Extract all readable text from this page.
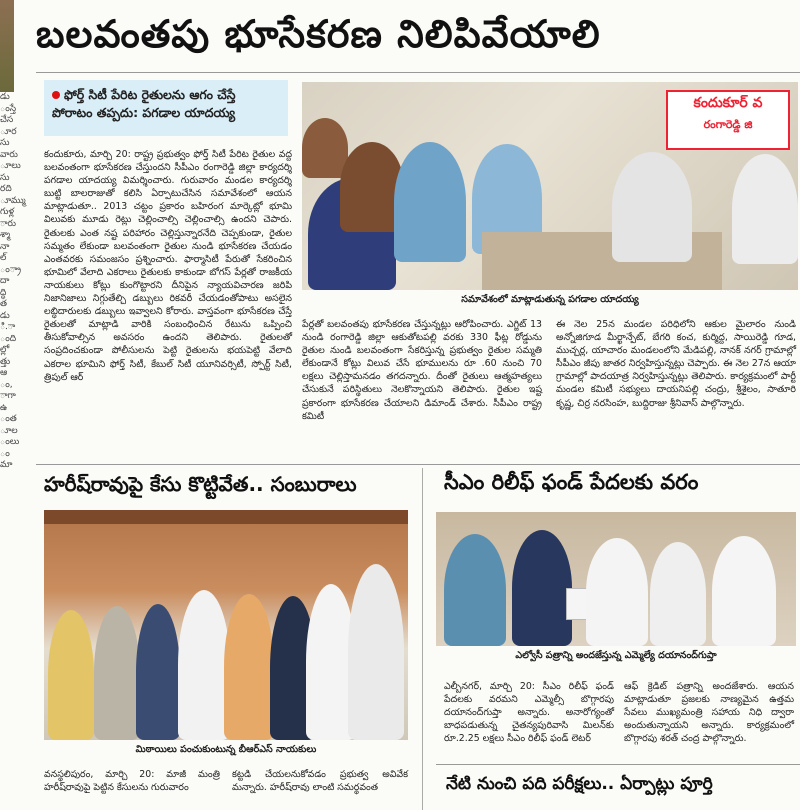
డు ంస్తే చేస ూర సు వారు ూలు సు రది ూమ్ము గుళ్ల ారు శ్మా నా ల్ ం్రా దా ద్ధి త డు ి.ా ంది ల్లో త్తు ఆ ం, ాగా ఉ ంత ూల ంలు ం మా
బలవంతపు భూసేకరణ నిలిపివేయాలి
ఫోర్త్ సిటీ పేరిట రైతులను ఆగం చేస్తే
పోరాటం తప్పదు: పగడాల యాదయ్య
కందుకూరు, మార్చి 20: రాష్ట్ర ప్రభుత్వం ఫోర్త్ సిటీ పేరిట రైతుల వద్ద బలవంతంగా భూసేకరణ చేస్తుందని సీపీఎం రంగారెడ్డి జిల్లా కార్యదర్శి పగడాల యాదయ్య విమర్శించారు. గురువారం మండల కార్యదర్శి బుట్టి బాలరాజుతో కలిసి ఏర్పాటుచేసిన సమావేశంలో ఆయన మాట్లాడుతూ.. 2013 చట్టం ప్రకారం బహిరంగ మార్కెట్లో భూమి విలువకు మూడు రెట్లు చెల్లించాల్సి చెల్లించాల్సి ఉందని చెపారు. రైతులకు ఎంత నష్ట పరిహారం చెల్లిస్తున్నారనేది చెప్పకుండా, రైతుల సమ్మతం లేకుండా బలవంతంగా రైతుల నుండి భూసేకరణ చేయడం ఎంతవరకు సమంజసం ప్రశ్నించారు. ఫార్మాసిటీ పేరుతో సేకరించిన భూమిలో వేలాది ఎకరాలు రైతులకు కాకుండా బోగస్ పేర్లతో రాజకీయ నాయకులు కోట్లు కుంగొట్టారని దీనిపైన న్యాయవిచారణ జరిపి నిజానిజాలు నిగ్గుతేల్చి డబ్బులు రికవరీ చేయడంతోపాటు అసలైన లబ్ధిదారులకు డబ్బులు ఇవ్వాలని కోరారు. వాస్తవంగా భూసేకరణ చేస్తే రైతులతో మాట్లాడి వారికి సంబంధించిన రేటును ఒప్పించి తీసుకోవాల్సిన అవసరం ఉందని తెలిపారు. రైతులతో సంప్రదించకుండా పోలీసులను పెట్టి రైతులను భయపెట్టి వేలాది ఎకరాల భూమిని ఫోర్త్ సిటీ, కేబుల్ సిటీ యూనివర్సిటీ, స్పోర్ట్ సిటీ, త్రిపుల్ ఆర్
కందుకూర్ వ
రంగారెడ్డి జి
సమావేశంలో మాట్లాడుతున్న పగడాల యాదయ్య
పేర్లతో బలవంతపు భూసేకరణ చేస్తున్నట్లు ఆరోపించారు. ఎగ్జిట్ 13 నుండి రంగారెడ్డి జిల్లా ఆకుతోటపల్లి వరకు 330 ఫీట్ల రోడ్డును రైతుల నుండి బలవంతంగా సేకరిస్తున్న ప్రభుత్వం రైతుల సమ్మతి లేకుండానే కోట్లు విలువ చేసే భూములను రూ .60 నుంచి 70 లక్షలు చెల్లిస్తామనడం తగదన్నారు. దీంతో రైతులు ఆత్మహత్యలు చేసుకునే పరిస్థితులు నెలకొన్నాయని తెలిపారు. రైతుల ఇష్ట ప్రకారంగా భూసేకరణ చేయాలని డిమాండ్ చేశారు. సీపీఎం రాష్ట్ర కమిటీ
ఈ నెల 25న మండల పరిధిలోని ఆకుల మైలారం నుండి అన్నోజిగూడ మీర్ఖాన్పేట్, బేగరి కంచ, కుర్మిద్ద, సాయిరెడ్డి గూడ, ముచ్చర్ల, యాచారం మండలంలోని మేడిపల్లి, నానక్ నగర్ గ్రామాల్లో సీపీఎం జీపు జాతర నిర్వహిస్తున్నట్లు చెప్పారు. ఈ నెల 27న ఆయా గ్రామాల్లో పాదయాత్ర నిర్వహిస్తున్నట్లు తెలిపారు. కార్యక్రమంలో పార్టీ మండల కమిటీ సభ్యులు దాయనిపల్లి చంద్రు, శ్రీశైలం, సాతూరి కృష్ణ, చిర్ర నరసింహ, బుద్దిరాజు శ్రీనివాస్ పాల్గొన్నారు.
హరీష్‌రావుపై కేసు కొట్టివేత.. సంబురాలు
మిఠాయిలు పంచుకుంటున్న బీఆర్ఎస్ నాయకులు
వనస్థలిపురం, మార్చి 20: మాజీ మంత్రి హరీష్‌రావుపై పెట్టిన కేసులను గురువారం
కట్టడి చేయలనుకోవడం ప్రభుత్వ అవివేక మన్నారు. హరీష్‌రావు లాంటి సమర్థవంత
సీఎం రిలీఫ్ ఫండ్ పేదలకు వరం
ఎల్వోసీ పత్రాన్ని అందజేస్తున్న ఎమ్మెల్యే దయానంద్‌గుప్తా
ఎల్బీనగర్, మార్చి 20: సీఎం రిలీఫ్ ఫండ్ పేదలకు వరమని ఎమ్మెల్సీ బొగ్గారపు దయానంద్‌గుప్తా అన్నారు. అనారోగ్యంతో బాధపడుతున్న చైతన్యపురివాసి మిలన్‌కు రూ.2.25 లక్షలు సీఎం రిలీఫ్ ఫండ్ లెటర్
ఆఫ్ క్రెడిట్ పత్రాన్ని అందజేశారు. ఆయన మాట్లాడుతూ ప్రజలకు నాణ్యమైన ఉత్తమ సేవలు ముఖ్యమంత్రి సహాయ నిధి ద్వారా అందుతున్నాయని అన్నారు. కార్యక్రమంలో బొగ్గారపు శరత్ చంద్ర పాల్గొన్నారు.
నేటి నుంచి పది పరీక్షలు.. ఏర్పాట్లు పూర్తి
